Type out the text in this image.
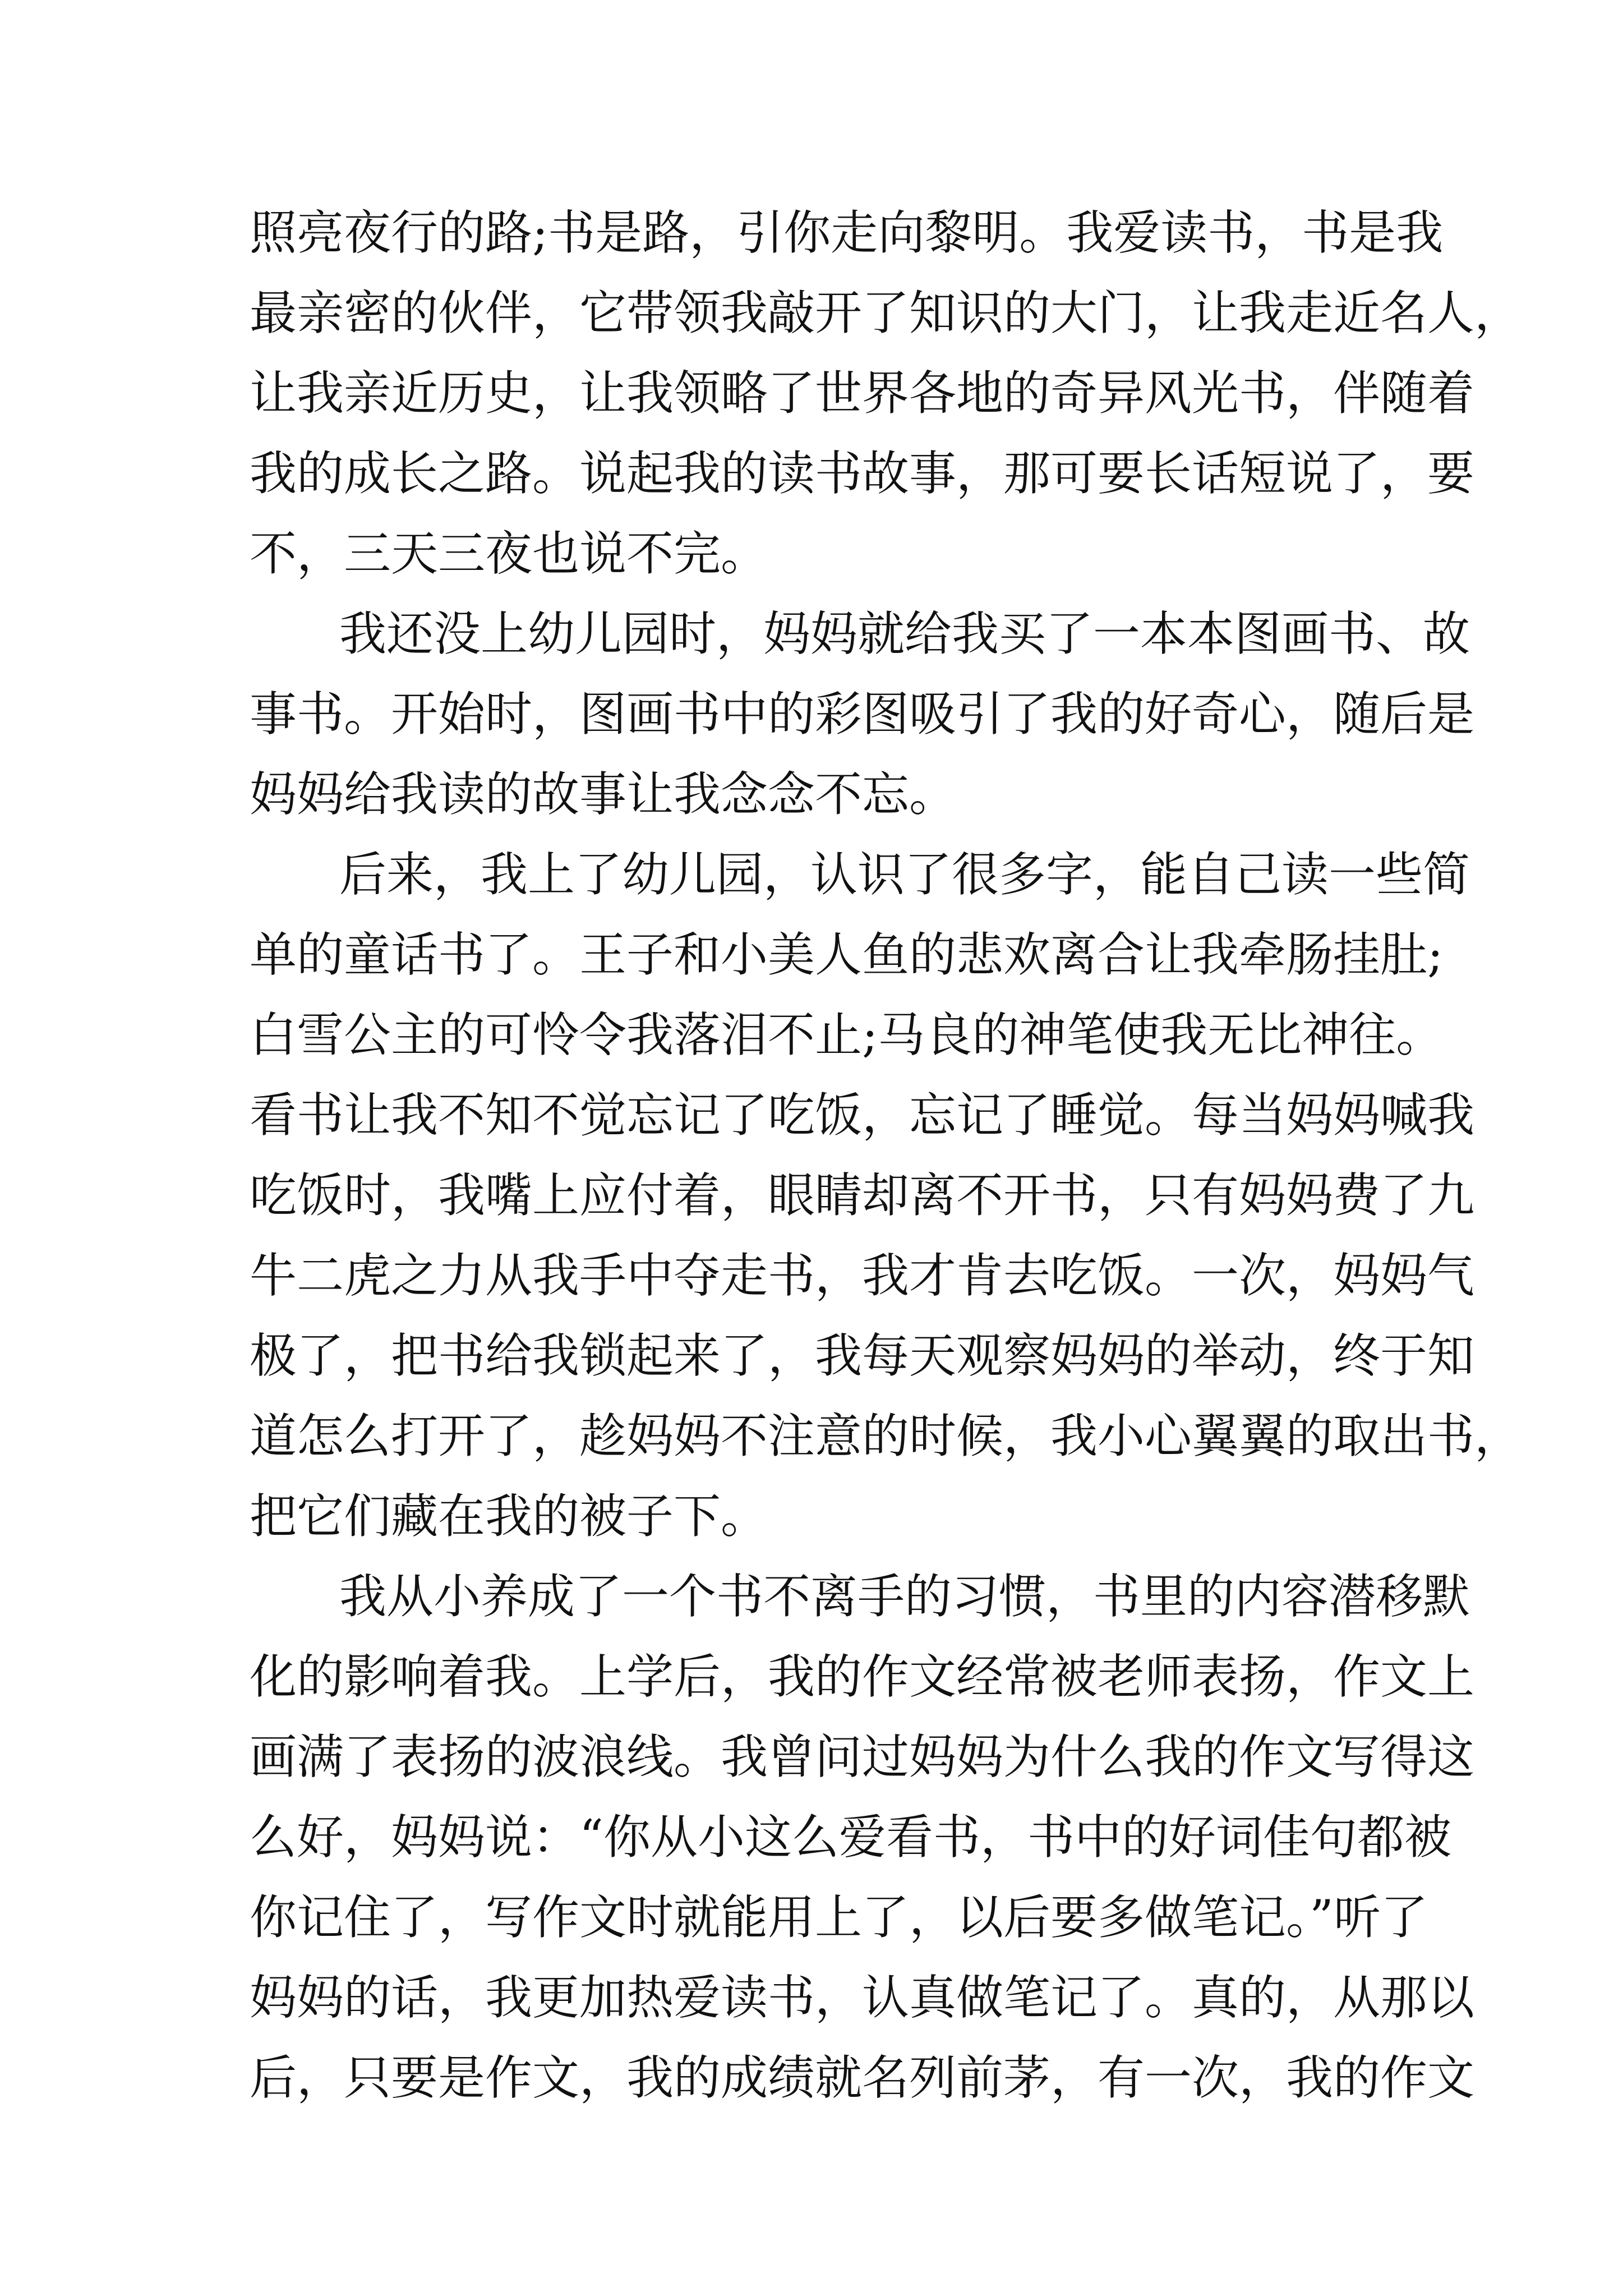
照亮夜行的路;书是路，引你走向黎明。我爱读书，书是我
最亲密的伙伴，它带领我敲开了知识的大门，让我走近名人，
让我亲近历史，让我领略了世界各地的奇异风光书，伴随着
我的成长之路。说起我的读书故事，那可要长话短说了，要
不，三天三夜也说不完。
我还没上幼儿园时，妈妈就给我买了一本本图画书、故
事书。开始时，图画书中的彩图吸引了我的好奇心，随后是
妈妈给我读的故事让我念念不忘。
后来，我上了幼儿园，认识了很多字，能自己读一些简
单的童话书了。王子和小美人鱼的悲欢离合让我牵肠挂肚;
白雪公主的可怜令我落泪不止;马良的神笔使我无比神往。
看书让我不知不觉忘记了吃饭，忘记了睡觉。每当妈妈喊我
吃饭时，我嘴上应付着，眼睛却离不开书，只有妈妈费了九
牛二虎之力从我手中夺走书，我才肯去吃饭。一次，妈妈气
极了，把书给我锁起来了，我每天观察妈妈的举动，终于知
道怎么打开了，趁妈妈不注意的时候，我小心翼翼的取出书，
把它们藏在我的被子下。
我从小养成了一个书不离手的习惯，书里的内容潜移默
化的影响着我。上学后，我的作文经常被老师表扬，作文上
画满了表扬的波浪线。我曾问过妈妈为什么我的作文写得这
么好，妈妈说：“你从小这么爱看书，书中的好词佳句都被
你记住了，写作文时就能用上了，以后要多做笔记。”听了
妈妈的话，我更加热爱读书，认真做笔记了。真的，从那以
后，只要是作文，我的成绩就名列前茅，有一次，我的作文
